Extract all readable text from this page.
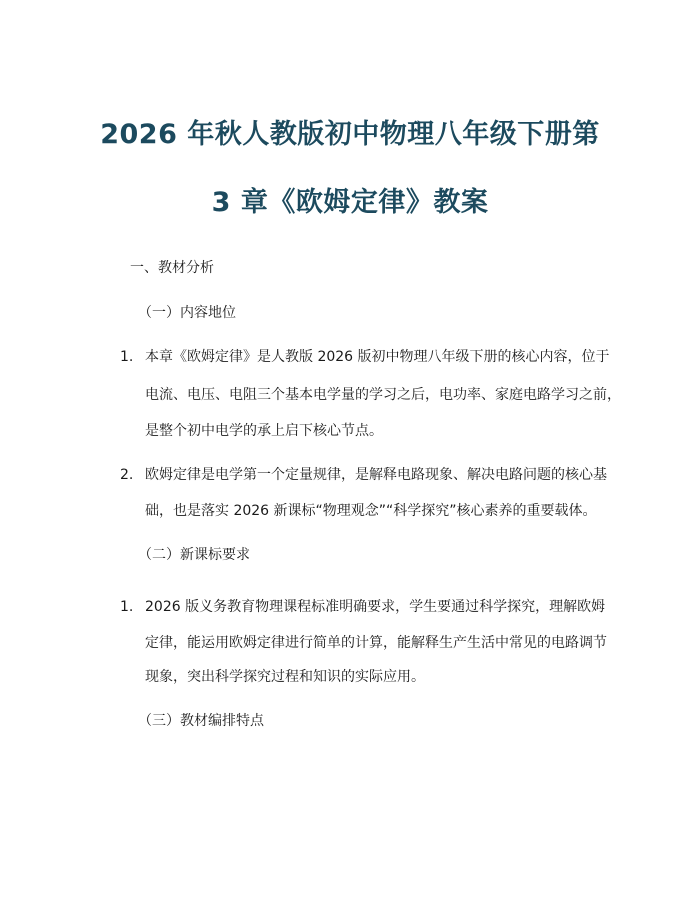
2026 年秋人教版初中物理八年级下册第
3 章《欧姆定律》教案
一、教材分析
（一）内容地位
1. 本章《欧姆定律》是人教版 2026 版初中物理八年级下册的核心内容，位于
电流、电压、电阻三个基本电学量的学习之后，电功率、家庭电路学习之前，
是整个初中电学的承上启下核心节点。
2. 欧姆定律是电学第一个定量规律，是解释电路现象、解决电路问题的核心基
础，也是落实 2026 新课标“物理观念”“科学探究”核心素养的重要载体。
（二）新课标要求
1. 2026 版义务教育物理课程标准明确要求，学生要通过科学探究，理解欧姆
定律，能运用欧姆定律进行简单的计算，能解释生产生活中常见的电路调节
现象，突出科学探究过程和知识的实际应用。
（三）教材编排特点
